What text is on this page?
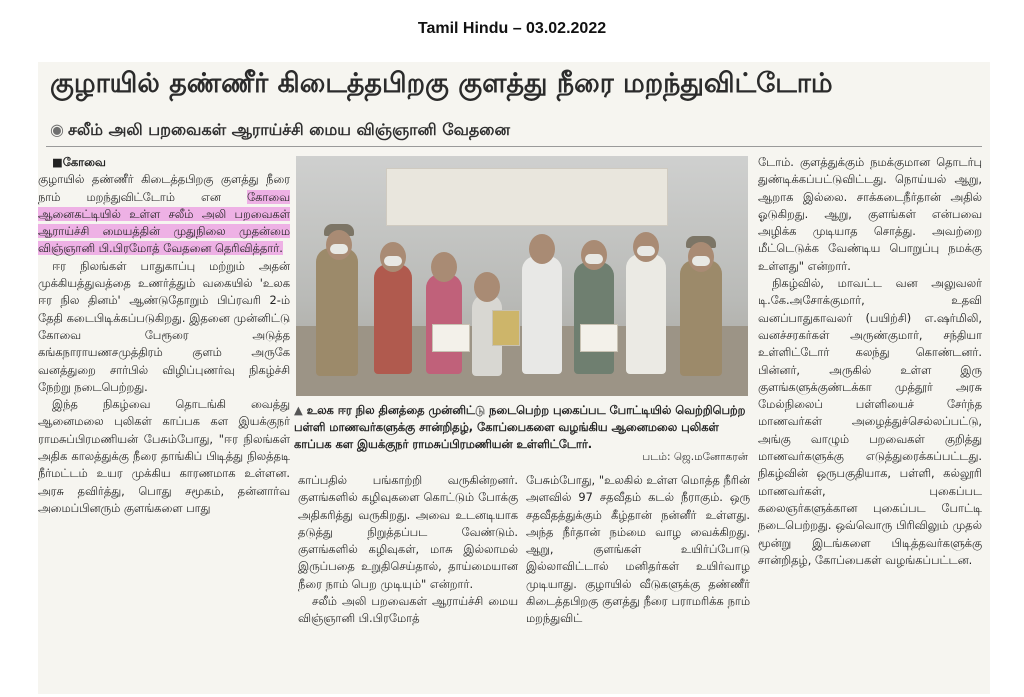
Tamil Hindu – 03.02.2022
குழாயில் தண்ணீர் கிடைத்தபிறகு குளத்து நீரை மறந்துவிட்டோம்
◉ சலீம் அலி பறவைகள் ஆராய்ச்சி மைய விஞ்ஞானி வேதனை

■கோவை

குழாயில் தண்ணீர் கிடைத்தபிறகு குளத்து நீரை நாம் மறந்துவிட்டோம் என கோவை ஆனைகட்டியில் உள்ள சலீம் அலி பறவைகள் ஆராய்ச்சி மையத்தின் முதுநிலை முதன்மை விஞ்ஞானி பி.பிரமோத் வேதனை தெரிவித்தார்.

ஈர நிலங்கள் பாதுகாப்பு மற்றும் அதன் முக்கியத்துவத்தை உணர்த்தும் வகையில் 'உலக ஈர நில தினம்' ஆண்டுதோறும் பிப்ரவரி 2-ம் தேதி கடைபிடிக்கப்படுகிறது. இதனை முன்னிட்டு கோவை பேரூரை அடுத்த கங்கநாராயணசமுத்திரம் குளம் அருகே வனத்துறை சார்பில் விழிப்புணர்வு நிகழ்ச்சி நேற்று நடைபெற்றது.

இந்த நிகழ்வை தொடங்கி வைத்து ஆனைமலை புலிகள் காப்பக கள இயக்குநர் ராமசுப்பிரமணியன் பேசும்போது, "ஈர நிலங்கள் அதிக காலத்துக்கு நீரை தாங்கிப் பிடித்து நிலத்தடி நீர்மட்டம் உயர முக்கிய காரணமாக உள்ளன. அரசு தவிர்த்து, பொது சமூகம், தன்னார்வ அமைப்பினரும் குளங்களை பாது

▲ உலக ஈர நில தினத்தை முன்னிட்டு நடைபெற்ற புகைப்பட போட்டியில் வெற்றிபெற்ற பள்ளி மாணவர்களுக்கு சான்றிதழ், கோப்பைகளை வழங்கிய ஆனைமலை புலிகள் காப்பக கள இயக்குநர் ராமசுப்பிரமணியன் உள்ளிட்டோர்.
படம்: ஜெ.மனோகரன்

காப்பதில் பங்காற்றி வருகின்றனர். குளங்களில் கழிவுகளை கொட்டும் போக்கு அதிகரித்து வருகிறது. அவை உடனடியாக தடுத்து நிறுத்தப்பட வேண்டும். குளங்களில் கழிவுகள், மாசு இல்லாமல் இருப்பதை உறுதிசெய்தால், தாய்மையான நீரை நாம் பெற முடியும்" என்றார்.

சலீம் அலி பறவைகள் ஆராய்ச்சி மைய விஞ்ஞானி பி.பிரமோத்

பேசும்போது, "உலகில் உள்ள மொத்த நீரின் அளவில் 97 சதவீதம் கடல் நீராகும். ஒரு சதவீதத்துக்கும் கீழ்தான் நன்னீர் உள்ளது. அந்த நீர்தான் நம்மை வாழ வைக்கிறது. ஆறு, குளங்கள் உயிர்ப்போடு இல்லாவிட்டால் மனிதர்கள் உயிர்வாழ முடியாது. குழாயில் வீடுகளுக்கு தண்ணீர் கிடைத்தபிறகு குளத்து நீரை பராமரிக்க நாம் மறந்துவிட்

டோம். குளத்துக்கும் நமக்குமான தொடர்பு துண்டிக்கப்பட்டுவிட்டது. நொய்யல் ஆறு, ஆறாக இல்லை. சாக்கடைநீர்தான் அதில் ஓடுகிறது. ஆறு, குளங்கள் என்பவை அழிக்க முடியாத சொத்து. அவற்றை மீட்டெடுக்க வேண்டிய பொறுப்பு நமக்கு உள்ளது" என்றார்.

நிகழ்வில், மாவட்ட வன அலுவலர் டி.கே.அசோக்குமார், உதவி வனப்பாதுகாவலர் (பயிற்சி) எ.ஷர்மிலி, வனச்சரகர்கள் அருண்குமார், சந்தியா உள்ளிட்டோர் கலந்து கொண்டனர். பின்னர், அருகில் உள்ள இரு குளங்களுக்குண்டக்கா முத்தூர் அரசு மேல்நிலைப் பள்ளியைச் சேர்ந்த மாணவர்கள் அழைத்துச்செல்லப்பட்டு, அங்கு வாழும் பறவைகள் குறித்து மாணவர்களுக்கு எடுத்துரைக்கப்பட்டது. நிகழ்வின் ஒருபகுதியாக, பள்ளி, கல்லூரி மாணவர்கள், புகைப்பட கலைஞர்களுக்கான புகைப்பட போட்டி நடைபெற்றது. ஒவ்வொரு பிரிவிலும் முதல் மூன்று இடங்களை பிடித்தவர்களுக்கு சான்றிதழ், கோப்பைகள் வழங்கப்பட்டன.
